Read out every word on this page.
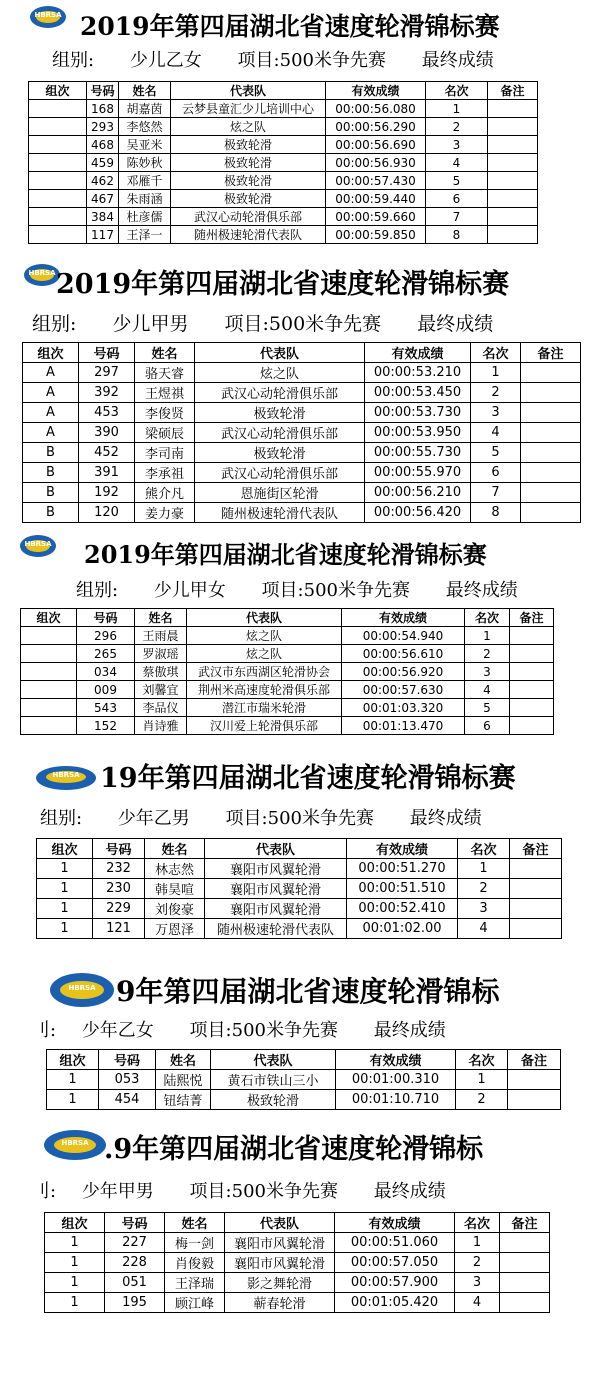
HBRSA 2019年第四届湖北省速度轮滑锦标赛
组别: 少儿乙女 项目:500米争先赛 最终成绩
组次	号码	姓名	代表队	有效成绩	名次	备注
	168	胡嘉茵	云梦县童汇少儿培训中心	00:00:56.080	1	
	293	李悠然	炫之队	00:00:56.290	2	
	468	吴亚米	极致轮滑	00:00:56.690	3	
	459	陈妙秋	极致轮滑	00:00:56.930	4	
	462	邓雁千	极致轮滑	00:00:57.430	5	
	467	朱雨涵	极致轮滑	00:00:59.440	6	
	384	杜彦儒	武汉心动轮滑俱乐部	00:00:59.660	7	
	117	王泽一	随州极速轮滑代表队	00:00:59.850	8	
HBRSA 2019年第四届湖北省速度轮滑锦标赛
组别: 少儿甲男 项目:500米争先赛 最终成绩
组次	号码	姓名	代表队	有效成绩	名次	备注
A	297	骆天睿	炫之队	00:00:53.210	1	
A	392	王煜祺	武汉心动轮滑俱乐部	00:00:53.450	2	
A	453	李俊贤	极致轮滑	00:00:53.730	3	
A	390	梁硕辰	武汉心动轮滑俱乐部	00:00:53.950	4	
B	452	李司南	极致轮滑	00:00:55.730	5	
B	391	李承祖	武汉心动轮滑俱乐部	00:00:55.970	6	
B	192	熊介凡	恩施街区轮滑	00:00:56.210	7	
B	120	姜力豪	随州极速轮滑代表队	00:00:56.420	8	
HBRSA 2019年第四届湖北省速度轮滑锦标赛
组别: 少儿甲女 项目:500米争先赛 最终成绩
组次	号码	姓名	代表队	有效成绩	名次	备注
	296	王雨晨	炫之队	00:00:54.940	1	
	265	罗淑瑶	炫之队	00:00:56.610	2	
	034	蔡傲琪	武汉市东西湖区轮滑协会	00:00:56.920	3	
	009	刘馨宜	荆州米高速度轮滑俱乐部	00:00:57.630	4	
	543	李品仪	潜江市瑞米轮滑	00:01:03.320	5	
	152	肖诗雅	汉川爱上轮滑俱乐部	00:01:13.470	6	
HBRSA 19年第四届湖北省速度轮滑锦标赛
组别: 少年乙男 项目:500米争先赛 最终成绩
组次	号码	姓名	代表队	有效成绩	名次	备注
1	232	林志然	襄阳市风翼轮滑	00:00:51.270	1	
1	230	韩昊喧	襄阳市风翼轮滑	00:00:51.510	2	
1	229	刘俊豪	襄阳市风翼轮滑	00:00:52.410	3	
1	121	万恩泽	随州极速轮滑代表队	00:01:02.00	4	
HBRSA 9年第四届湖北省速度轮滑锦标
刂: 少年乙女 项目:500米争先赛 最终成绩
组次	号码	姓名	代表队	有效成绩	名次	备注
1	053	陆熙悦	黄石市铁山三小	00:01:00.310	1	
1	454	钮结菁	极致轮滑	00:01:10.710	2	
HBRSA .9年第四届湖北省速度轮滑锦标
刂: 少年甲男 项目:500米争先赛 最终成绩
组次	号码	姓名	代表队	有效成绩	名次	备注
1	227	梅一剑	襄阳市风翼轮滑	00:00:51.060	1	
1	228	肖俊毅	襄阳市风翼轮滑	00:00:57.050	2	
1	051	王泽瑞	影之舞轮滑	00:00:57.900	3	
1	195	顾江峰	蕲春轮滑	00:01:05.420	4	
